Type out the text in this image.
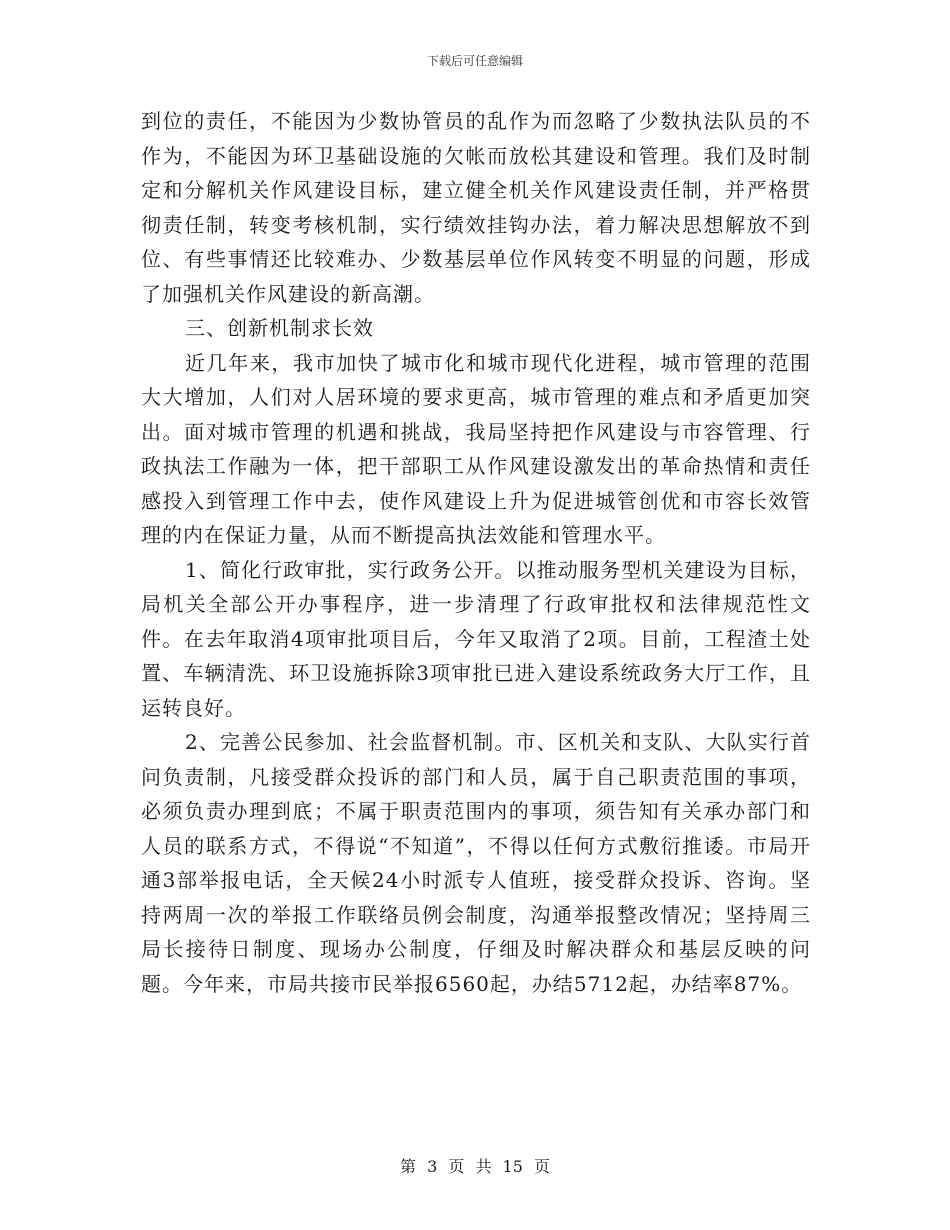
下载后可任意编辑

到位的责任，不能因为少数协管员的乱作为而忽略了少数执法队员的不作为，不能因为环卫基础设施的欠帐而放松其建设和管理。我们及时制定和分解机关作风建设目标，建立健全机关作风建设责任制，并严格贯彻责任制，转变考核机制，实行绩效挂钩办法，着力解决思想解放不到位、有些事情还比较难办、少数基层单位作风转变不明显的问题，形成了加强机关作风建设的新高潮。

三、创新机制求长效

近几年来，我市加快了城市化和城市现代化进程，城市管理的范围大大增加，人们对人居环境的要求更高，城市管理的难点和矛盾更加突出。面对城市管理的机遇和挑战，我局坚持把作风建设与市容管理、行政执法工作融为一体，把干部职工从作风建设激发出的革命热情和责任感投入到管理工作中去，使作风建设上升为促进城管创优和市容长效管理的内在保证力量，从而不断提高执法效能和管理水平。

1、简化行政审批，实行政务公开。以推动服务型机关建设为目标，局机关全部公开办事程序，进一步清理了行政审批权和法律规范性文件。在去年取消4项审批项目后，今年又取消了2项。目前，工程渣土处置、车辆清洗、环卫设施拆除3项审批已进入建设系统政务大厅工作，且运转良好。

2、完善公民参加、社会监督机制。市、区机关和支队、大队实行首问负责制，凡接受群众投诉的部门和人员，属于自己职责范围的事项，必须负责办理到底；不属于职责范围内的事项，须告知有关承办部门和人员的联系方式，不得说“不知道”，不得以任何方式敷衍推诿。市局开通3部举报电话，全天候24小时派专人值班，接受群众投诉、咨询。坚持两周一次的举报工作联络员例会制度，沟通举报整改情况；坚持周三局长接待日制度、现场办公制度，仔细及时解决群众和基层反映的问题。今年来，市局共接市民举报6560起，办结5712起，办结率87%。

第 3 页 共 15 页
